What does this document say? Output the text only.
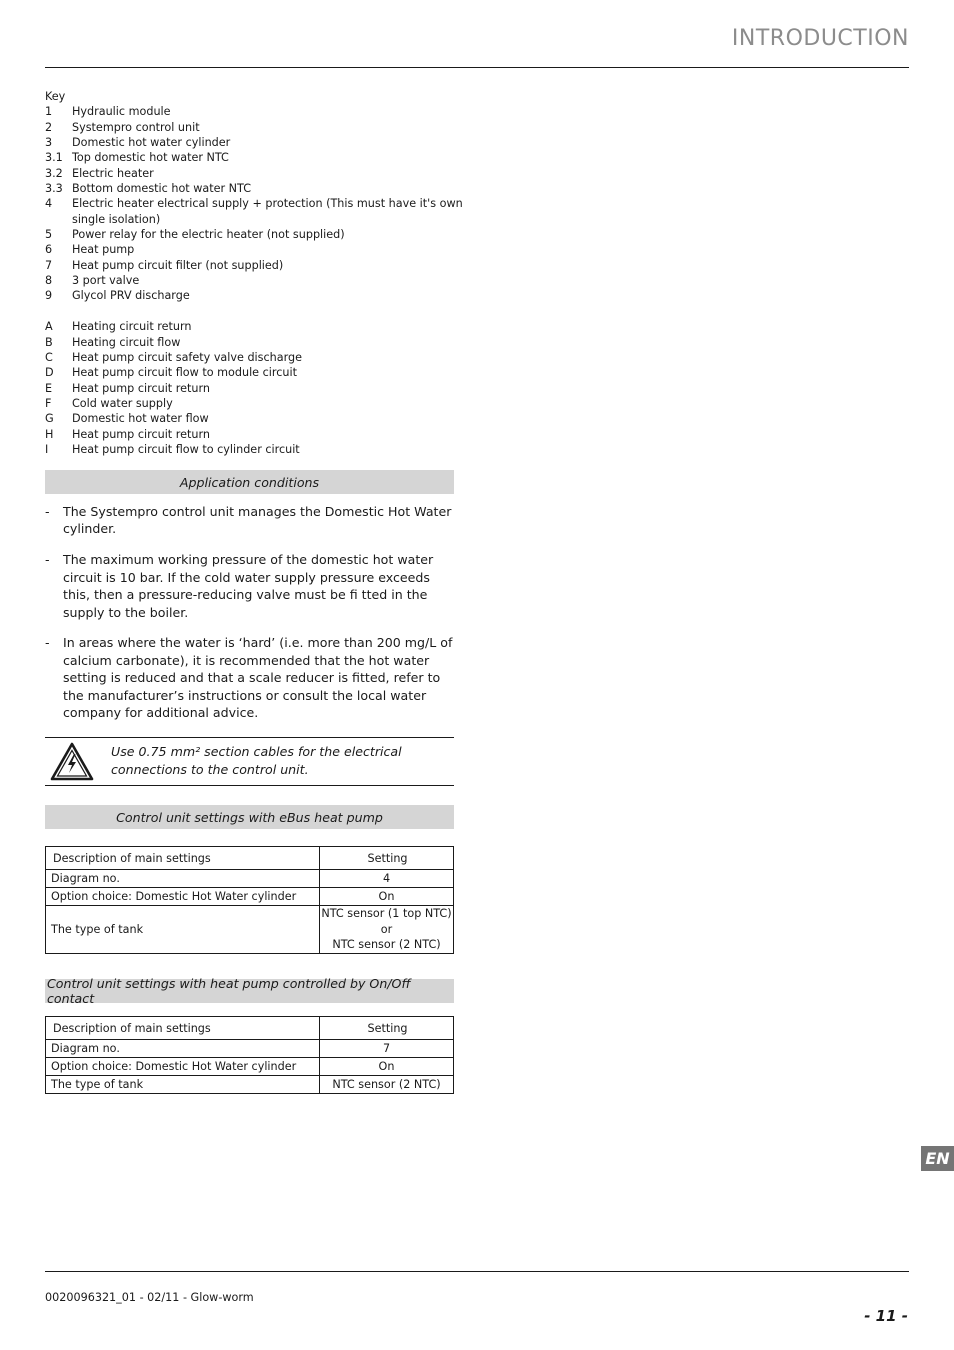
INTRODUCTION
Key
1	Hydraulic module
2	Systempro control unit
3	Domestic hot water cylinder
3.1 Top domestic hot water NTC
3.2 Electric heater
3.3 Bottom domestic hot water NTC
4	Electric heater electrical supply + protection (This must have it's own single isolation)
5	Power relay for the electric heater (not supplied)
6	Heat pump
7	Heat pump circuit filter (not supplied)
8	3 port valve
9	Glycol PRV discharge
A	Heating circuit return
B	Heating circuit flow
C	Heat pump circuit safety valve discharge
D	Heat pump circuit flow to module circuit
E	Heat pump circuit return
F	Cold water supply
G	Domestic hot water flow
H	Heat pump circuit return
I	Heat pump circuit flow to cylinder circuit
Application conditions
-	The Systempro control unit manages the Domestic Hot Water cylinder.
-	The maximum working pressure of the domestic hot water circuit is 10 bar. If the cold water supply pressure exceeds this, then a pressure-reducing valve must be fi tted in the supply to the boiler.
-	In areas where the water is ‘hard’ (i.e. more than 200 mg/L of calcium carbonate), it is recommended that the hot water setting is reduced and that a scale reducer is fitted, refer to the manufacturer’s instructions or consult the local water company for additional advice.
Use 0.75 mm² section cables for the electrical
connections to the control unit.
Control unit settings with eBus heat pump
Description of main settings	Setting
Diagram no.	4
Option choice: Domestic Hot Water cylinder	On
The type of tank	NTC sensor (1 top NTC)
or
NTC sensor (2 NTC)
Control unit settings with heat pump controlled by On/Off contact
Description of main settings	Setting
Diagram no.	7
Option choice: Domestic Hot Water cylinder	On
The type of tank	NTC sensor (2 NTC)
EN
0020096321_01 - 02/11 - Glow-worm
- 11 -
